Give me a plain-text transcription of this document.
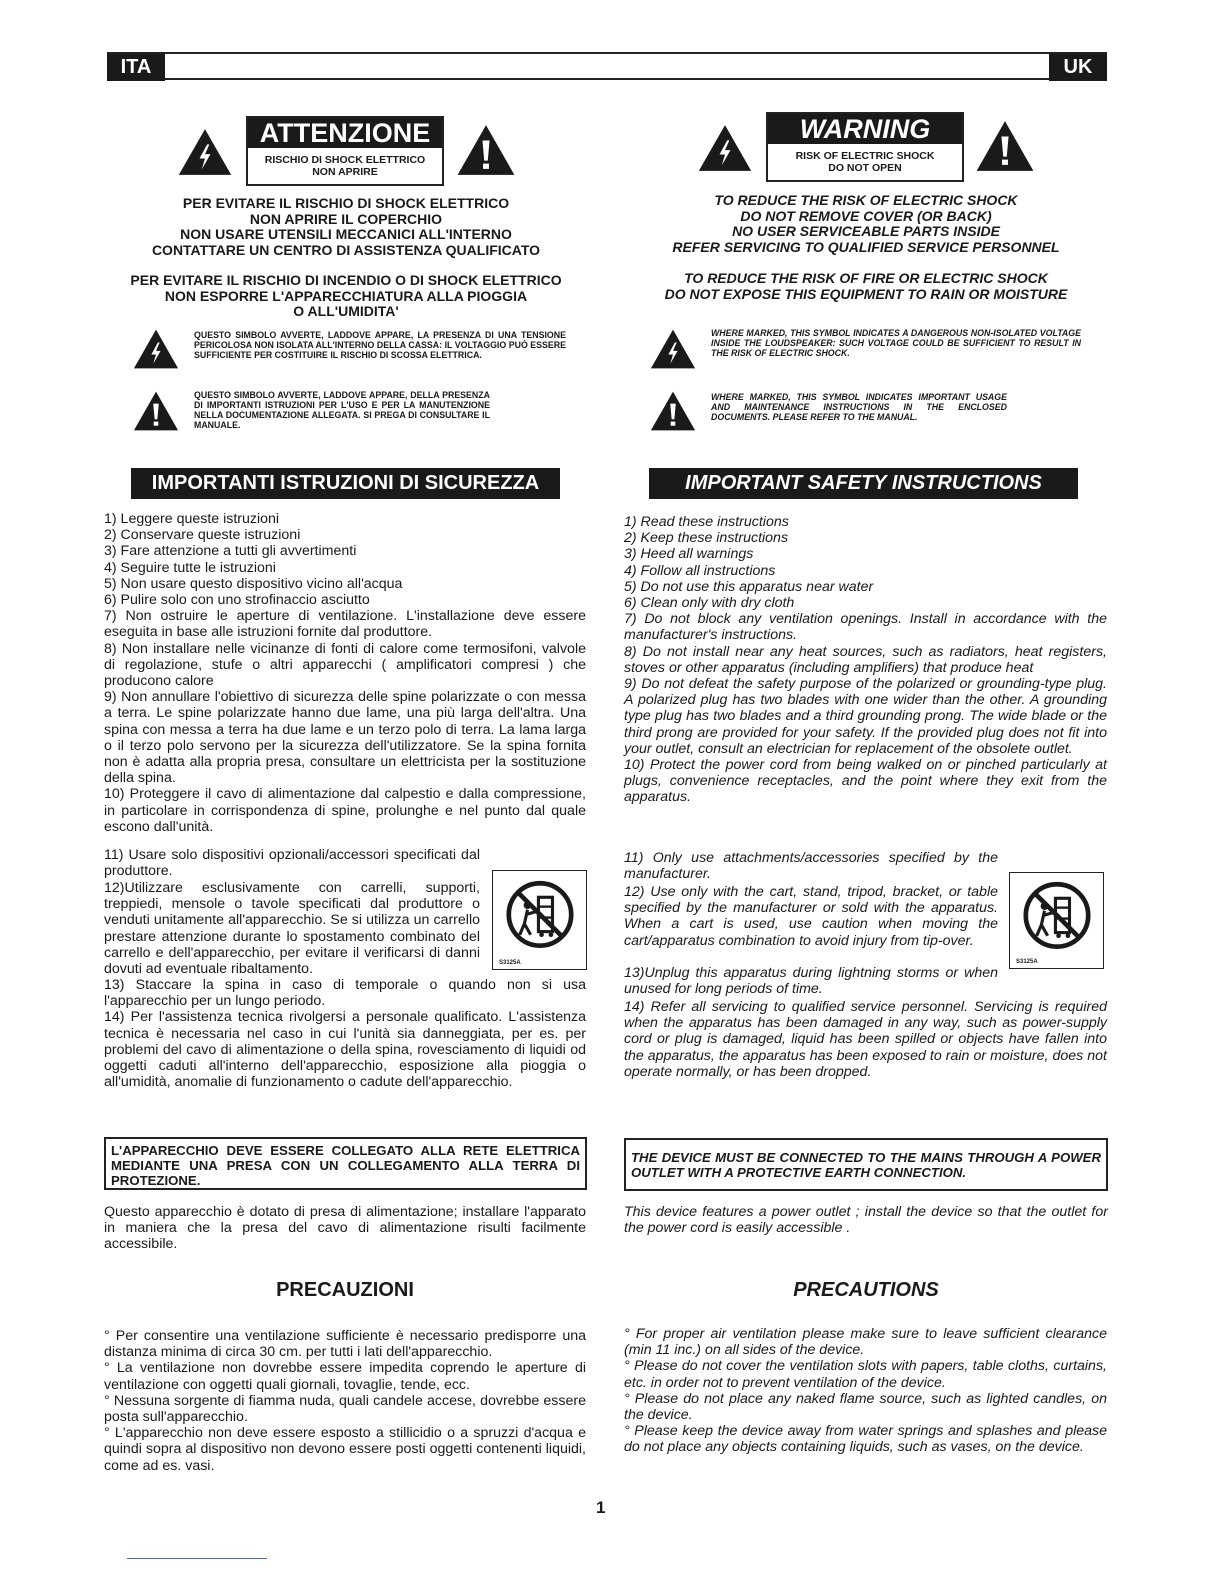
ITA	UK
ATTENZIONE
RISCHIO DI SHOCK ELETTRICO
NON APRIRE
WARNING
RISK OF ELECTRIC SHOCK
DO NOT OPEN
PER EVITARE IL RISCHIO DI SHOCK ELETTRICO
NON APRIRE IL COPERCHIO
NON USARE UTENSILI MECCANICI ALL'INTERNO
CONTATTARE UN CENTRO DI ASSISTENZA QUALIFICATO
PER EVITARE IL RISCHIO DI INCENDIO O DI SHOCK ELETTRICO
NON ESPORRE L'APPARECCHIATURA ALLA PIOGGIA
O ALL'UMIDITA'
TO REDUCE THE RISK OF ELECTRIC SHOCK
DO NOT REMOVE COVER (OR BACK)
NO USER SERVICEABLE PARTS INSIDE
REFER SERVICING TO QUALIFIED SERVICE PERSONNEL
TO REDUCE THE RISK OF FIRE OR ELECTRIC SHOCK
DO NOT EXPOSE THIS EQUIPMENT TO RAIN OR MOISTURE
QUESTO SIMBOLO AVVERTE, LADDOVE APPARE, LA PRESENZA DI UNA TENSIONE PERICOLOSA NON ISOLATA ALL'INTERNO DELLA CASSA: IL VOLTAGGIO PUÒ ESSERE SUFFICIENTE PER COSTITUIRE IL RISCHIO DI SCOSSA ELETTRICA.
QUESTO SIMBOLO AVVERTE, LADDOVE APPARE, DELLA PRESENZA DI IMPORTANTI ISTRUZIONI PER L'USO E PER LA MANUTENZIONE NELLA DOCUMENTAZIONE ALLEGATA. SI PREGA DI CONSULTARE IL MANUALE.
WHERE MARKED, THIS SYMBOL INDICATES A DANGEROUS NON-ISOLATED VOLTAGE INSIDE THE LOUDSPEAKER: SUCH VOLTAGE COULD BE SUFFICIENT TO RESULT IN THE RISK OF ELECTRIC SHOCK.
WHERE MARKED, THIS SYMBOL INDICATES IMPORTANT USAGE AND MAINTENANCE INSTRUCTIONS IN THE ENCLOSED DOCUMENTS. PLEASE REFER TO THE MANUAL.
IMPORTANTI ISTRUZIONI DI SICUREZZA	IMPORTANT SAFETY INSTRUCTIONS
1) Leggere queste istruzioni
2) Conservare queste istruzioni
3) Fare attenzione a tutti gli avvertimenti
4) Seguire tutte le istruzioni
5) Non usare questo dispositivo vicino all'acqua
6) Pulire solo con uno strofinaccio asciutto
7) Non ostruire le aperture di ventilazione. L'installazione deve essere eseguita in base alle istruzioni fornite dal produttore.
8) Non installare nelle vicinanze di fonti di calore come termosifoni, valvole di regolazione, stufe o altri apparecchi ( amplificatori compresi ) che producono calore
9) Non annullare l'obiettivo di sicurezza delle spine polarizzate o con messa a terra. Le spine polarizzate hanno due lame, una più larga dell'altra. Una spina con messa a terra ha due lame e un terzo polo di terra. La lama larga o il terzo polo servono per la sicurezza dell'utilizzatore. Se la spina fornita non è adatta alla propria presa, consultare un elettricista per la sostituzione della spina.
10) Proteggere il cavo di alimentazione dal calpestio e dalla compressione, in particolare in corrispondenza di spine, prolunghe e nel punto dal quale escono dall'unità.
11) Usare solo dispositivi opzionali/accessori specificati dal produttore.
12)Utilizzare esclusivamente con carrelli, supporti, treppiedi, mensole o tavole specificati dal produttore o venduti unitamente all'apparecchio. Se si utilizza un carrello prestare attenzione durante lo spostamento combinato del carrello e dell'apparecchio, per evitare il verificarsi di danni dovuti ad eventuale ribaltamento.	S3125A
13) Staccare la spina in caso di temporale o quando non si usa l'apparecchio per un lungo periodo.
14) Per l'assistenza tecnica rivolgersi a personale qualificato. L'assistenza tecnica è necessaria nel caso in cui l'unità sia danneggiata, per es. per problemi del cavo di alimentazione o della spina, rovesciamento di liquidi od oggetti caduti all'interno dell'apparecchio, esposizione alla pioggia o all'umidità, anomalie di funzionamento o cadute dell'apparecchio.
1) Read these instructions
2) Keep these instructions
3) Heed all warnings
4) Follow all instructions
5) Do not use this apparatus near water
6) Clean only with dry cloth
7) Do not block any ventilation openings. Install in accordance with the manufacturer's instructions.
8) Do not install near any heat sources, such as radiators, heat registers, stoves or other apparatus (including amplifiers) that produce heat
9) Do not defeat the safety purpose of the polarized or grounding-type plug. A polarized plug has two blades with one wider than the other. A grounding type plug has two blades and a third grounding prong. The wide blade or the third prong are provided for your safety. If the provided plug does not fit into your outlet, consult an electrician for replacement of the obsolete outlet.
10) Protect the power cord from being walked on or pinched particularly at plugs, convenience receptacles, and the point where they exit from the apparatus.
11) Only use attachments/accessories specified by the manufacturer.
12) Use only with the cart, stand, tripod, bracket, or table specified by the manufacturer or sold with the apparatus. When a cart is used, use caution when moving the cart/apparatus combination to avoid injury from tip-over.
S3125A
13)Unplug this apparatus during lightning storms or when unused for long periods of time.
14) Refer all servicing to qualified service personnel. Servicing is required when the apparatus has been damaged in any way, such as power-supply cord or plug is damaged, liquid has been spilled or objects have fallen into the apparatus, the apparatus has been exposed to rain or moisture, does not operate normally, or has been dropped.
L'APPARECCHIO DEVE ESSERE COLLEGATO ALLA RETE ELETTRICA MEDIANTE UNA PRESA CON UN COLLEGAMENTO ALLA TERRA DI PROTEZIONE.
THE DEVICE MUST BE CONNECTED TO THE MAINS THROUGH A POWER OUTLET WITH A PROTECTIVE EARTH CONNECTION.
Questo apparecchio è dotato di presa di alimentazione; installare l'apparato in maniera che la presa del cavo di alimentazione risulti facilmente accessibile.
This device features a power outlet ; install the device so that the outlet for the power cord is easily accessible .
PRECAUZIONI	PRECAUTIONS
° Per consentire una ventilazione sufficiente è necessario predisporre una distanza minima di circa 30 cm. per tutti i lati dell'apparecchio.
° La ventilazione non dovrebbe essere impedita coprendo le aperture di ventilazione con oggetti quali giornali, tovaglie, tende, ecc.
° Nessuna sorgente di fiamma nuda, quali candele accese, dovrebbe essere posta sull'apparecchio.
° L'apparecchio non deve essere esposto a stillicidio o a spruzzi d'acqua e quindi sopra al dispositivo non devono essere posti oggetti contenenti liquidi, come ad es. vasi.
° For proper air ventilation please make sure to leave sufficient clearance (min 11 inc.) on all sides of the device.
° Please do not cover the ventilation slots with papers, table cloths, curtains, etc. in order not to prevent ventilation of the device.
° Please do not place any naked flame source, such as lighted candles, on the device.
° Please keep the device away from water springs and splashes and please do not place any objects containing liquids, such as vases, on the device.
1
